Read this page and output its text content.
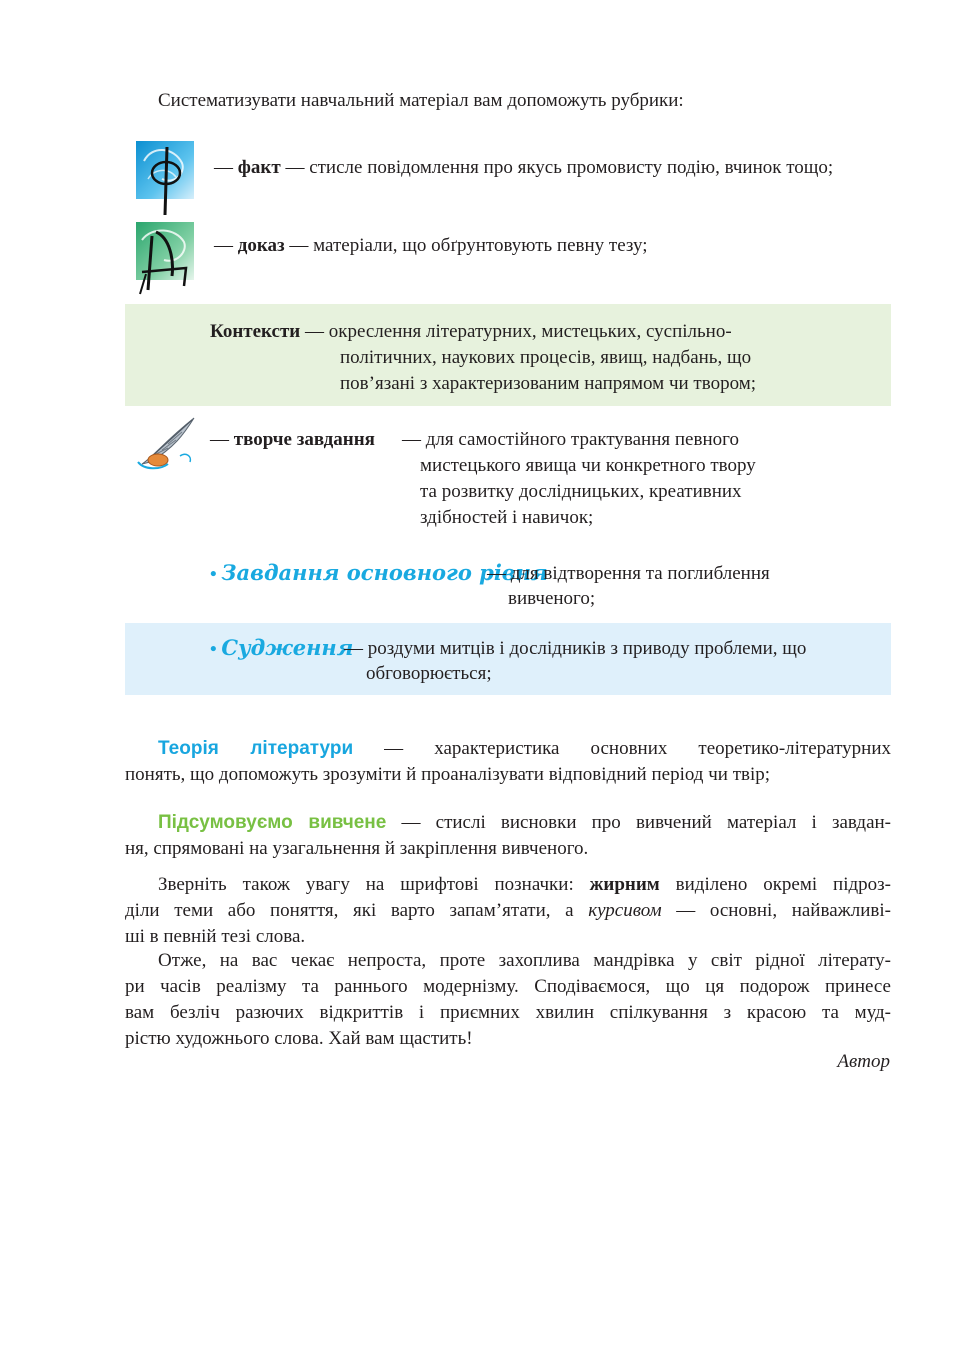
Систематизувати навчальний матеріал вам допоможуть рубрики:
— факт — стисле повідомлення про якусь промовисту подію, вчинок тощо;
— доказ — матеріали, що обґрунтовують певну тезу;
Контексти — окреслення літературних, мистецьких, суспільно-
політичних, наукових процесів, явищ, надбань, що
пов’язані з характеризованим напрямом чи твором;
— творче завдання — для самостійного трактування певного
мистецького явища чи конкретного твору
та розвитку дослідницьких, креативних
здібностей і навичок;
• Завдання основного рівня
— для відтворення та поглиблення
вивченого;
• Судження
— роздуми митців і дослідників з приводу проблеми, що
обговорюється;
Теорія літератури — характеристика основних теоретико-літературних
понять, що допоможуть зрозуміти й проаналізувати відповідний період чи твір;
Підсумовуємо вивчене — стислі висновки про вивчений матеріал і завдан-
ня, спрямовані на узагальнення й закріплення вивченого.
Зверніть також увагу на шрифтові позначки: жирним виділено окремі підроз-
діли теми або поняття, які варто запам’ятати, а курсивом — основні, найважливі-
ші в певній тезі слова.
Отже, на вас чекає непроста, проте захоплива мандрівка у світ рідної літерату-
ри часів реалізму та раннього модернізму. Сподіваємося, що ця подорож принесе
вам безліч разючих відкриттів і приємних хвилин спілкування з красою та муд-
рістю художнього слова. Хай вам щастить!
Автор
